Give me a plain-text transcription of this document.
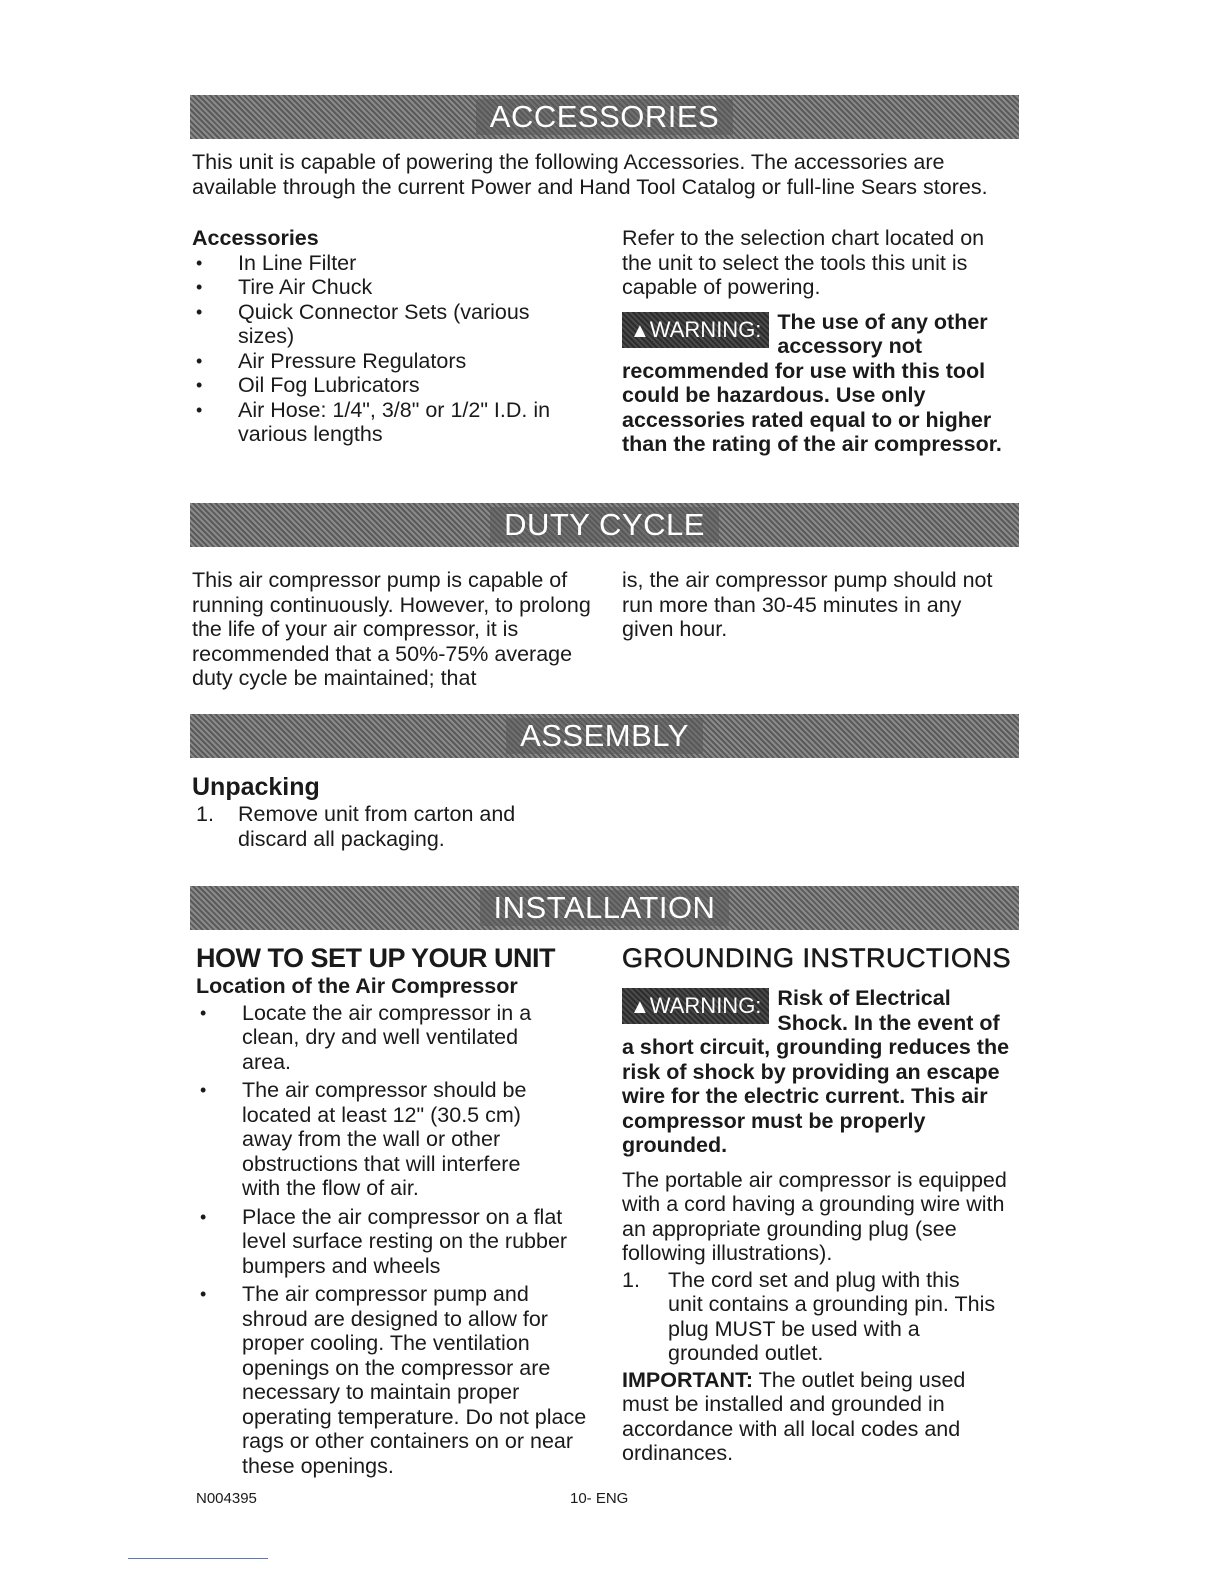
ACCESSORIES
This unit is capable of powering the following Accessories. The accessories are available through the current Power and Hand Tool Catalog or full-line Sears stores.
Accessories
• In Line Filter
• Tire Air Chuck
• Quick Connector Sets (various sizes)
• Air Pressure Regulators
• Oil Fog Lubricators
• Air Hose: 1/4", 3/8" or 1/2" I.D. in various lengths
Refer to the selection chart located on the unit to select the tools this unit is capable of powering.
▲WARNING: The use of any other accessory not recommended for use with this tool could be hazardous. Use only accessories rated equal to or higher than the rating of the air compressor.
DUTY CYCLE
This air compressor pump is capable of running continuously. However, to prolong the life of your air compressor, it is recommended that a 50%-75% average duty cycle be maintained; that
is, the air compressor pump should not run more than 30-45 minutes in any given hour.
ASSEMBLY
Unpacking
1. Remove unit from carton and discard all packaging.
INSTALLATION
HOW TO SET UP YOUR UNIT
Location of the Air Compressor
• Locate the air compressor in a clean, dry and well ventilated area.
• The air compressor should be located at least 12" (30.5 cm) away from the wall or other obstructions that will interfere with the flow of air.
• Place the air compressor on a flat level surface resting on the rubber bumpers and wheels
• The air compressor pump and shroud are designed to allow for proper cooling. The ventilation openings on the compressor are necessary to maintain proper operating temperature. Do not place rags or other containers on or near these openings.
GROUNDING INSTRUCTIONS
▲WARNING: Risk of Electrical Shock. In the event of a short circuit, grounding reduces the risk of shock by providing an escape wire for the electric current. This air compressor must be properly grounded.
The portable air compressor is equipped with a cord having a grounding wire with an appropriate grounding plug (see following illustrations).
1. The cord set and plug with this unit contains a grounding pin. This plug MUST be used with a grounded outlet.
IMPORTANT: The outlet being used must be installed and grounded in accordance with all local codes and ordinances.
N004395	10- ENG
